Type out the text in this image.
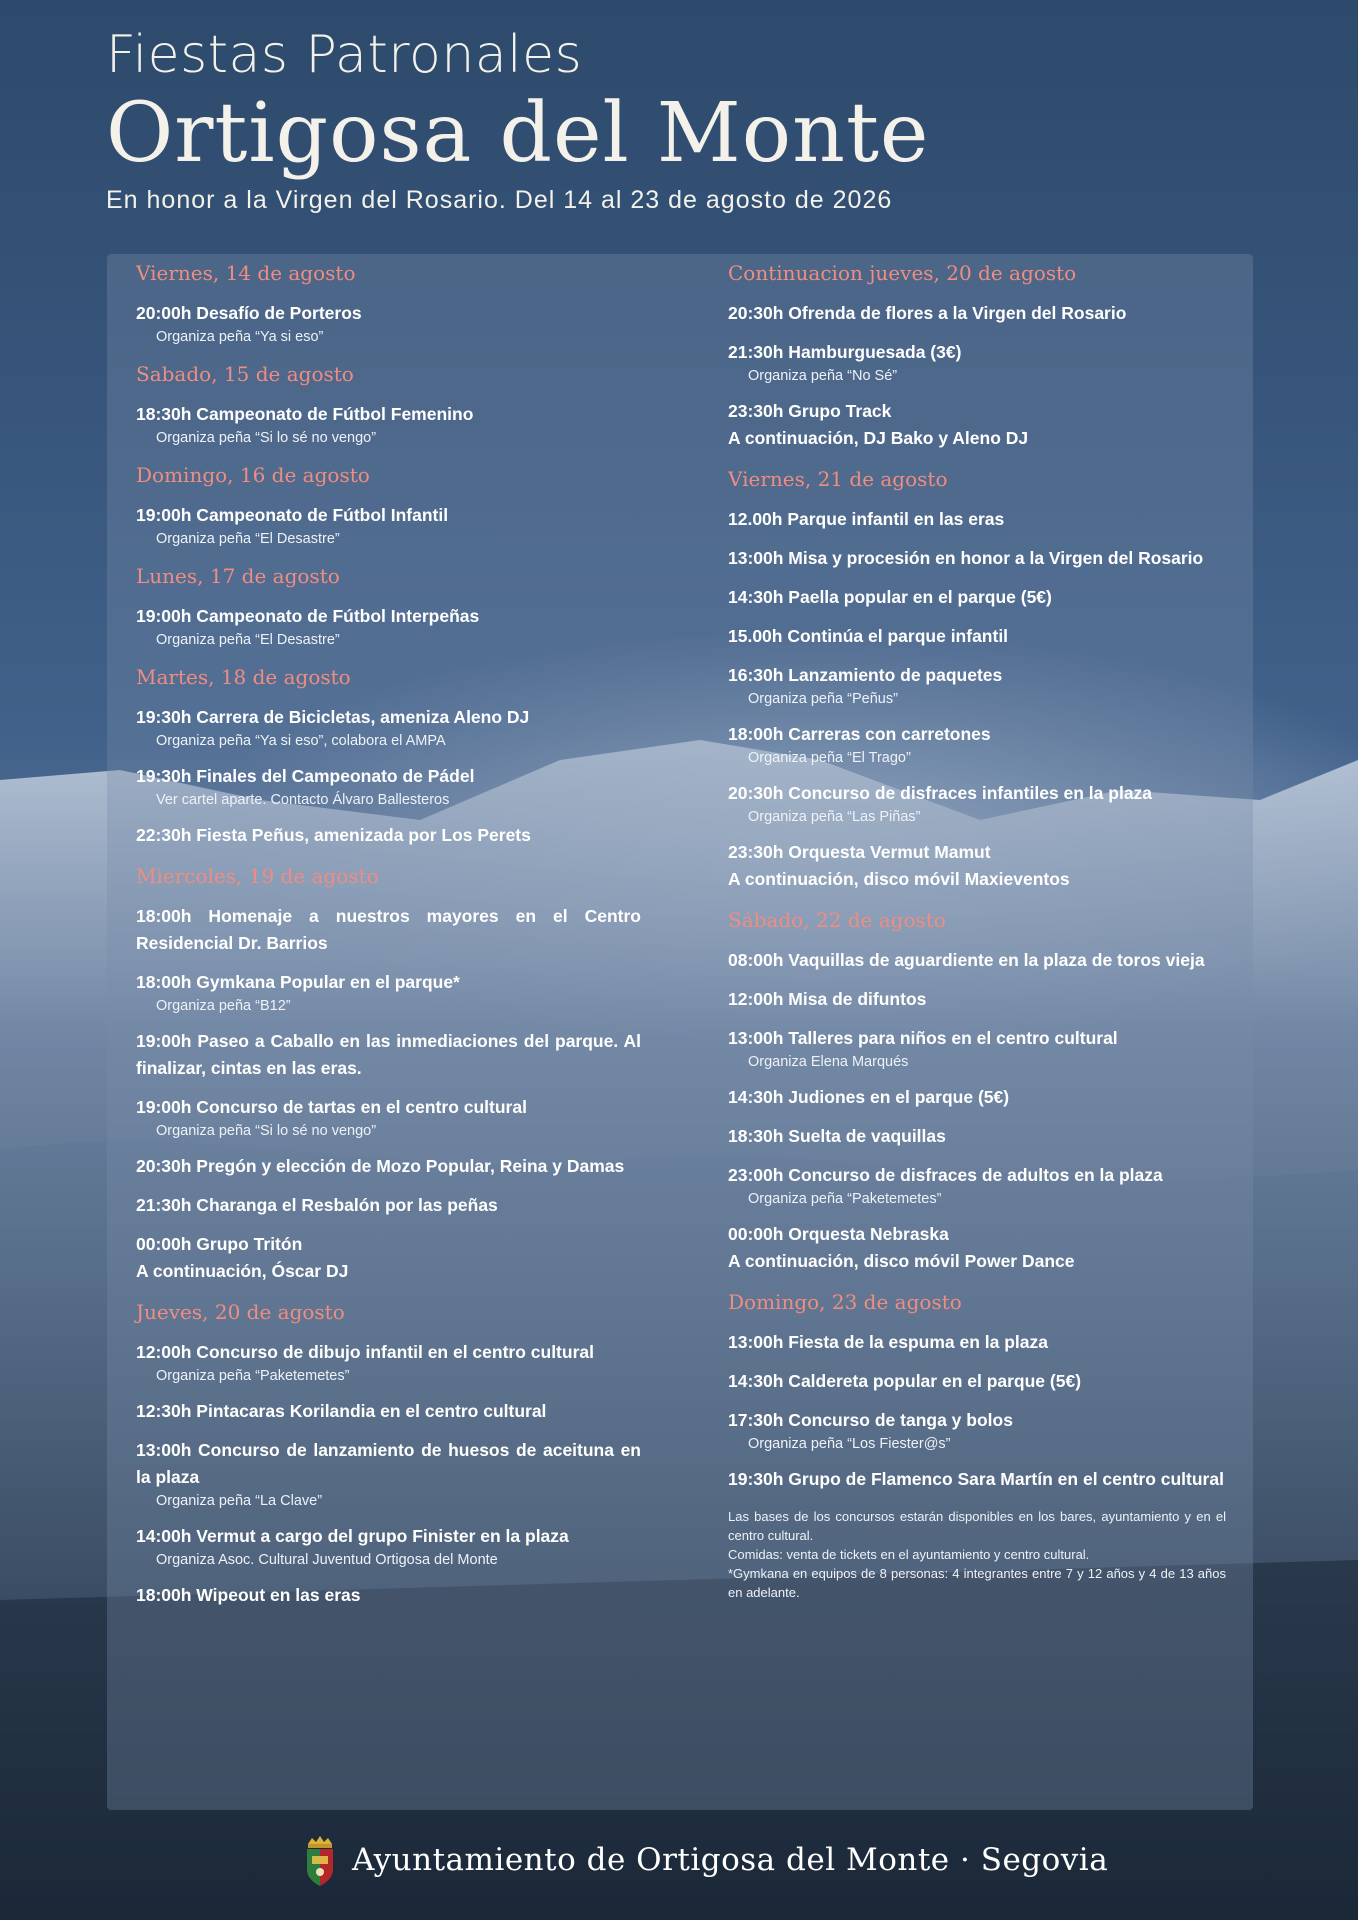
Fiestas Patronales
Ortigosa del Monte
En honor a la Virgen del Rosario. Del 14 al 23 de agosto de 2026
Viernes, 14 de agosto
20:00h Desafío de Porteros
Organiza peña “Ya si eso”
Sabado, 15 de agosto
18:30h Campeonato de Fútbol Femenino
Organiza peña “Si lo sé no vengo”
Domingo, 16 de agosto
19:00h Campeonato de Fútbol Infantil
Organiza peña “El Desastre”
Lunes, 17 de agosto
19:00h Campeonato de Fútbol Interpeñas
Organiza peña “El Desastre”
Martes, 18 de agosto
19:30h Carrera de Bicicletas, ameniza Aleno DJ
Organiza peña “Ya si eso”, colabora el AMPA
19:30h Finales del Campeonato de Pádel
Ver cartel aparte. Contacto Álvaro Ballesteros
22:30h Fiesta Peñus, amenizada por Los Perets
Miercoles, 19 de agosto
18:00h Homenaje a nuestros mayores en el Centro Residencial Dr. Barrios
18:00h Gymkana Popular en el parque*
Organiza peña “B12”
19:00h Paseo a Caballo en las inmediaciones del parque. Al finalizar, cintas en las eras.
19:00h Concurso de tartas en el centro cultural
Organiza peña “Si lo sé no vengo”
20:30h Pregón y elección de Mozo Popular, Reina y Damas
21:30h Charanga el Resbalón por las peñas
00:00h Grupo Tritón
A continuación, Óscar DJ
Jueves, 20 de agosto
12:00h Concurso de dibujo infantil en el centro cultural
Organiza peña “Paketemetes”
12:30h Pintacaras Korilandia en el centro cultural
13:00h Concurso de lanzamiento de huesos de aceituna en la plaza
Organiza peña “La Clave”
14:00h Vermut a cargo del grupo Finister en la plaza
Organiza Asoc. Cultural Juventud Ortigosa del Monte
18:00h Wipeout en las eras
Continuacion jueves, 20 de agosto
20:30h Ofrenda de flores a la Virgen del Rosario
21:30h Hamburguesada (3€)
Organiza peña “No Sé”
23:30h Grupo Track
A continuación, DJ Bako y Aleno DJ
Viernes, 21 de agosto
12.00h Parque infantil en las eras
13:00h Misa y procesión en honor a la Virgen del Rosario
14:30h Paella popular en el parque (5€)
15.00h Continúa el parque infantil
16:30h Lanzamiento de paquetes
Organiza peña “Peñus”
18:00h Carreras con carretones
Organiza peña “El Trago”
20:30h Concurso de disfraces infantiles en la plaza
Organiza peña “Las Piñas”
23:30h Orquesta Vermut Mamut
A continuación, disco móvil Maxieventos
Sábado, 22 de agosto
08:00h Vaquillas de aguardiente en la plaza de toros vieja
12:00h Misa de difuntos
13:00h Talleres para niños en el centro cultural
Organiza Elena Marqués
14:30h Judiones en el parque (5€)
18:30h Suelta de vaquillas
23:00h Concurso de disfraces de adultos en la plaza
Organiza peña “Paketemetes”
00:00h Orquesta Nebraska
A continuación, disco móvil Power Dance
Domingo, 23 de agosto
13:00h Fiesta de la espuma en la plaza
14:30h Caldereta popular en el parque (5€)
17:30h Concurso de tanga y bolos
Organiza peña “Los Fiester@s”
19:30h Grupo de Flamenco Sara Martín en el centro cultural
Las bases de los concursos estarán disponibles en los bares, ayuntamiento y en el centro cultural.
Comidas: venta de tickets en el ayuntamiento y centro cultural.
*Gymkana en equipos de 8 personas: 4 integrantes entre 7 y 12 años y 4 de 13 años en adelante.
Ayuntamiento de Ortigosa del Monte · Segovia
